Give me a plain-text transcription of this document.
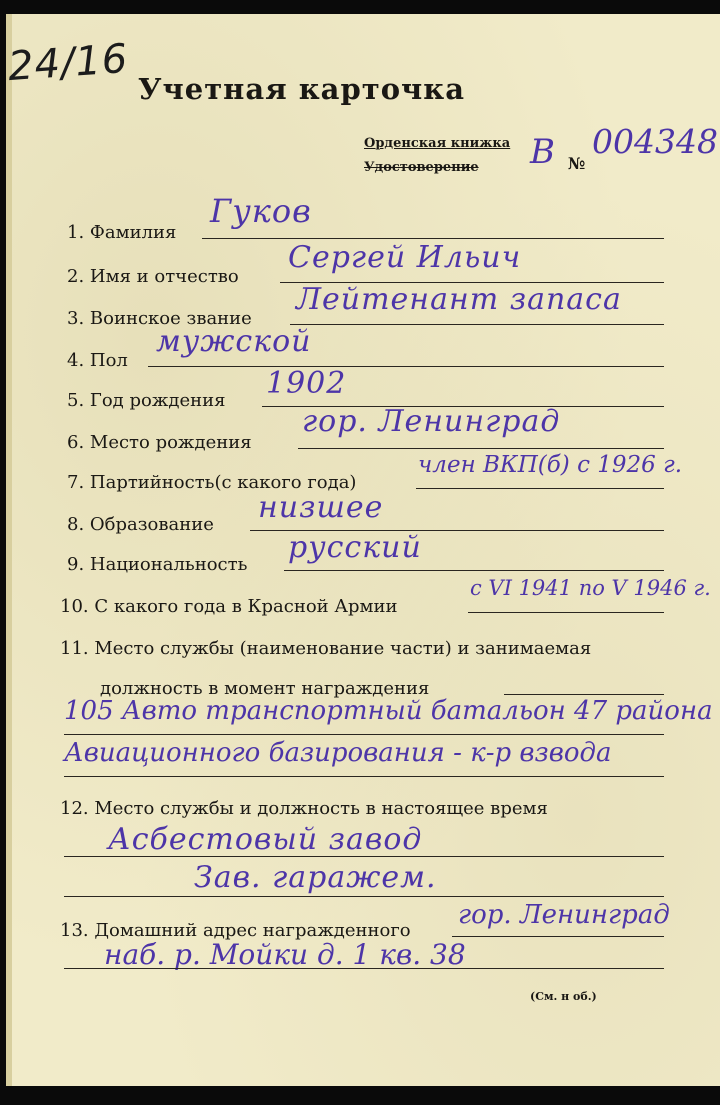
24/16 Учетная карточка
Орденская книжка
Удостоверение В №
004348
1. Фамилия
Гуков
2. Имя и отчество
Сергей Ильич
3. Воинское звание
Лейтенант запаса
4. Пол
мужской
5. Год рождения 1902
6. Место рождения
гор. Ленинград
7. Партийность(с какого года)
член ВКП(б) с 1926 г.
8. Образование низшее
9. Национальность русский
10. С какого года в Красной Армии
с VI 1941 по V 1946 г.
11. Место службы (наименование части) и занимаемая
должность в момент награждения
105 Авто транспортный батальон 47 района
Авиационного базирования - к-р взвода
12. Место службы и должность в настоящее время
Асбестовый завод
Зав. гаражем.
13. Домашний адрес награжденного
гор. Ленинград
наб. р. Мойки д. 1 кв. 38
(См. н об.)
